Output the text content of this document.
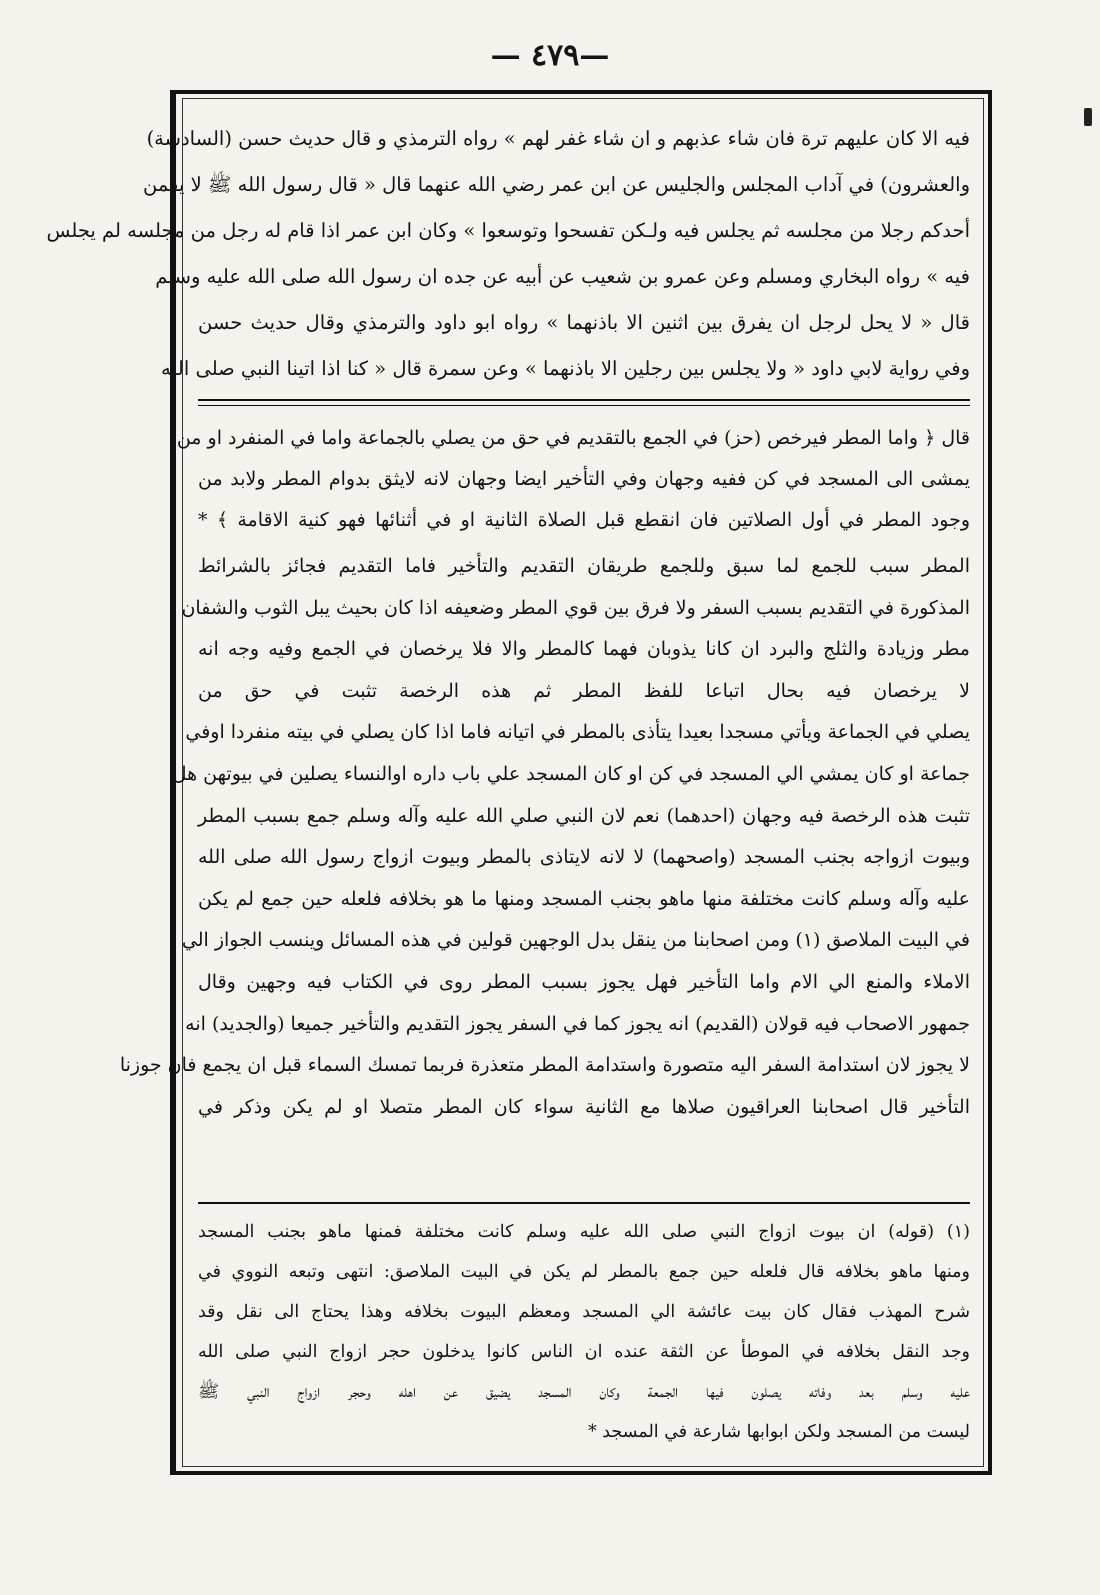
— ٤٧٩—
فيه الا كان عليهم ترة فان شاء عذبهم و ان شاء غفر لهم » رواه الترمذي و قال حديث حسن (السادسة)
والعشرون) في آداب المجلس والجليس عن ابن عمر رضي الله عنهما قال « قال رسول الله ﷺ لا يقمن
أحدكم رجلا من مجلسه ثم يجلس فيه ولـكن تفسحوا وتوسعوا » وكان ابن عمر اذا قام له رجل من مجلسه لم يجلس
فيه » رواه البخاري ومسلم وعن عمرو بن شعيب عن أبيه عن جده ان رسول الله صلى الله عليه وسلم
قال « لا يحل لرجل ان يفرق بين اثنين الا باذنهما » رواه ابو داود والترمذي وقال حديث حسن
وفي رواية لابي داود « ولا يجلس بين رجلين الا باذنهما » وعن سمرة قال « كنا اذا اتينا النبي صلى الله
قال ﴿ واما المطر فيرخص (حز) في الجمع بالتقديم في حق من يصلي بالجماعة واما في المنفرد او من
يمشى الى المسجد في كن ففيه وجهان وفي التأخير ايضا وجهان لانه لايثق بدوام المطر ولابد من
وجود المطر في أول الصلاتين فان انقطع قبل الصلاة الثانية او في أثنائها فهو كنية الاقامة ﴾ *
المطر سبب للجمع لما سبق وللجمع طريقان التقديم والتأخير فاما التقديم فجائز بالشرائط
المذكورة في التقديم بسبب السفر ولا فرق بين قوي المطر وضعيفه اذا كان بحيث يبل الثوب والشفان
مطر وزيادة والثلج والبرد ان كانا يذوبان فهما كالمطر والا فلا يرخصان في الجمع وفيه وجه انه
لا يرخصان فيه بحال اتباعا للفظ المطر ثم هذه الرخصة تثبت في حق من
يصلي في الجماعة ويأتي مسجدا بعيدا يتأذى بالمطر في اتيانه فاما اذا كان يصلي في بيته منفردا اوفي
جماعة او كان يمشي الي المسجد في كن او كان المسجد علي باب داره اوالنساء يصلين في بيوتهن هل
تثبت هذه الرخصة فيه وجهان (احدهما) نعم لان النبي صلي الله عليه وآله وسلم جمع بسبب المطر
وبيوت ازواجه بجنب المسجد (واصحهما) لا لانه لايتاذى بالمطر وبيوت ازواج رسول الله صلى الله
عليه وآله وسلم كانت مختلفة منها ماهو بجنب المسجد ومنها ما هو بخلافه فلعله حين جمع لم يكن
في البيت الملاصق (١) ومن اصحابنا من ينقل بدل الوجهين قولين في هذه المسائل وينسب الجواز الي
الاملاء والمنع الي الام واما التأخير فهل يجوز بسبب المطر روى في الكتاب فيه وجهين وقال
جمهور الاصحاب فيه قولان (القديم) انه يجوز كما في السفر يجوز التقديم والتأخير جميعا (والجديد) انه
لا يجوز لان استدامة السفر اليه متصورة واستدامة المطر متعذرة فربما تمسك السماء قبل ان يجمع فان جوزنا
التأخير قال اصحابنا العراقيون صلاها مع الثانية سواء كان المطر متصلا او لم يكن وذكر في
(١) (قوله) ان بيوت ازواج النبي صلى الله عليه وسلم كانت مختلفة فمنها ماهو بجنب المسجد
ومنها ماهو بخلافه قال فلعله حين جمع بالمطر لم يكن في البيت الملاصق: انتهى وتبعه النووي في
شرح المهذب فقال كان بيت عائشة الي المسجد ومعظم البيوت بخلافه وهذا يحتاج الى نقل وقد
وجد النقل بخلافه في الموطأ عن الثقة عنده ان الناس كانوا يدخلون حجر ازواج النبي صلى الله
عليه وسلم بعد وفاته يصلون فيها الجمعة وكان المسجد يضيق عن اهله وحجر ازواج النبي ﷺ
ليست من المسجد ولكن ابوابها شارعة في المسجد *
